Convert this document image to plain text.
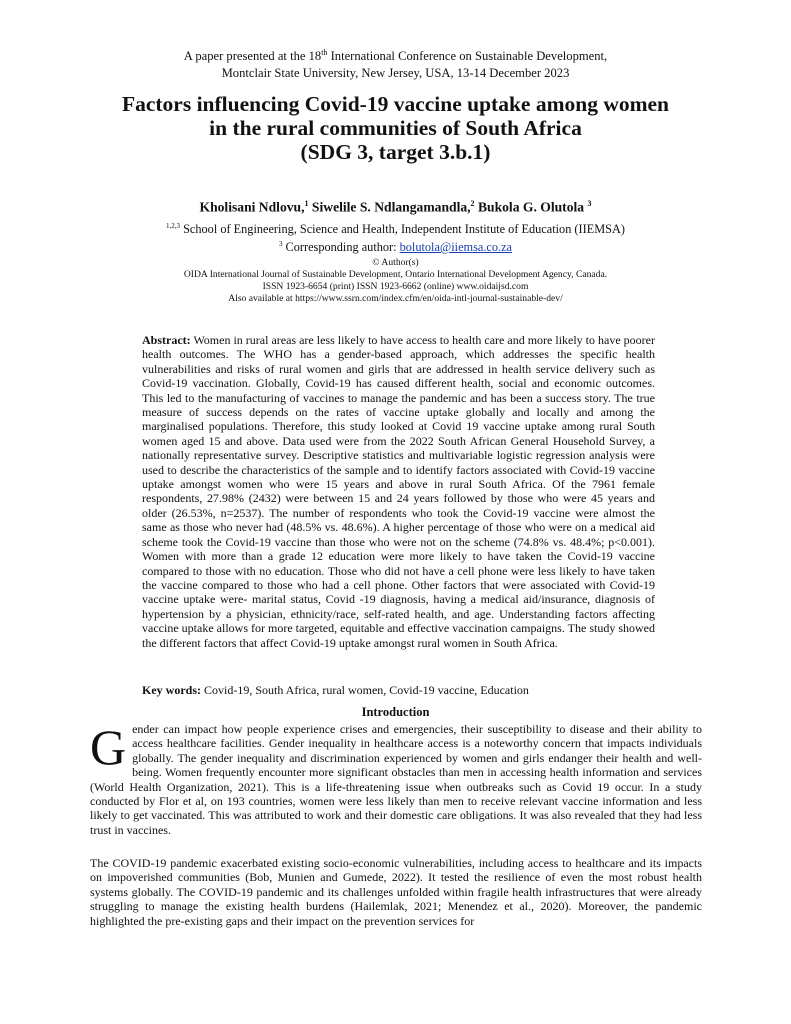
A paper presented at the 18th International Conference on Sustainable Development,
Montclair State University, New Jersey, USA, 13-14 December 2023
Factors influencing Covid-19 vaccine uptake among women
in the rural communities of South Africa
(SDG 3, target 3.b.1)
Kholisani Ndlovu,$^1$ Siwelile S. Ndlangamandla,$^2$ Bukola G. Olutola $^3$
$^{1,2,3}$ School of Engineering, Science and Health, Independent Institute of Education (IIEMSA)
$^3$ Corresponding author: bolutola@iiemsa.co.za
© Author(s)
OIDA International Journal of Sustainable Development, Ontario International Development Agency, Canada.
ISSN 1923-6654 (print) ISSN 1923-6662 (online) www.oidaijsd.com
Also available at https://www.ssrn.com/index.cfm/en/oida-intl-journal-sustainable-dev/
Abstract: Women in rural areas are less likely to have access to health care and more likely to have poorer health outcomes. The WHO has a gender-based approach, which addresses the specific health vulnerabilities and risks of rural women and girls that are addressed in health service delivery such as Covid-19 vaccination. Globally, Covid-19 has caused different health, social and economic outcomes. This led to the manufacturing of vaccines to manage the pandemic and has been a success story. The true measure of success depends on the rates of vaccine uptake globally and locally and among the marginalised populations. Therefore, this study looked at Covid 19 vaccine uptake among rural South women aged 15 and above. Data used were from the 2022 South African General Household Survey, a nationally representative survey. Descriptive statistics and multivariable logistic regression analysis were used to describe the characteristics of the sample and to identify factors associated with Covid-19 vaccine uptake amongst women who were 15 years and above in rural South Africa. Of the 7961 female respondents, 27.98% (2432) were between 15 and 24 years followed by those who were 45 years and older (26.53%, n=2537). The number of respondents who took the Covid-19 vaccine were almost the same as those who never had (48.5% vs. 48.6%). A higher percentage of those who were on a medical aid scheme took the Covid-19 vaccine than those who were not on the scheme (74.8% vs. 48.4%; p<0.001). Women with more than a grade 12 education were more likely to have taken the Covid-19 vaccine compared to those with no education. Those who did not have a cell phone were less likely to have taken the vaccine compared to those who had a cell phone. Other factors that were associated with Covid-19 vaccine uptake were- marital status, Covid -19 diagnosis, having a medical aid/insurance, diagnosis of hypertension by a physician, ethnicity/race, self-rated health, and age. Understanding factors affecting vaccine uptake allows for more targeted, equitable and effective vaccination campaigns. The study showed the different factors that affect Covid-19 uptake amongst rural women in South Africa.
Key words: Covid-19, South Africa, rural women, Covid-19 vaccine, Education
Introduction
Gender can impact how people experience crises and emergencies, their susceptibility to disease and their ability to access healthcare facilities. Gender inequality in healthcare access is a noteworthy concern that impacts individuals globally. The gender inequality and discrimination experienced by women and girls endanger their health and well-being. Women frequently encounter more significant obstacles than men in accessing health information and services (World Health Organization, 2021). This is a life-threatening issue when outbreaks such as Covid 19 occur. In a study conducted by Flor et al, on 193 countries, women were less likely than men to receive relevant vaccine information and less likely to get vaccinated. This was attributed to work and their domestic care obligations. It was also revealed that they had less trust in vaccines.
The COVID-19 pandemic exacerbated existing socio-economic vulnerabilities, including access to healthcare and its impacts on impoverished communities (Bob, Munien and Gumede, 2022). It tested the resilience of even the most robust health systems globally. The COVID-19 pandemic and its challenges unfolded within fragile health infrastructures that were already struggling to manage the existing health burdens (Hailemlak, 2021; Menendez et al., 2020). Moreover, the pandemic highlighted the pre-existing gaps and their impact on the prevention services for
